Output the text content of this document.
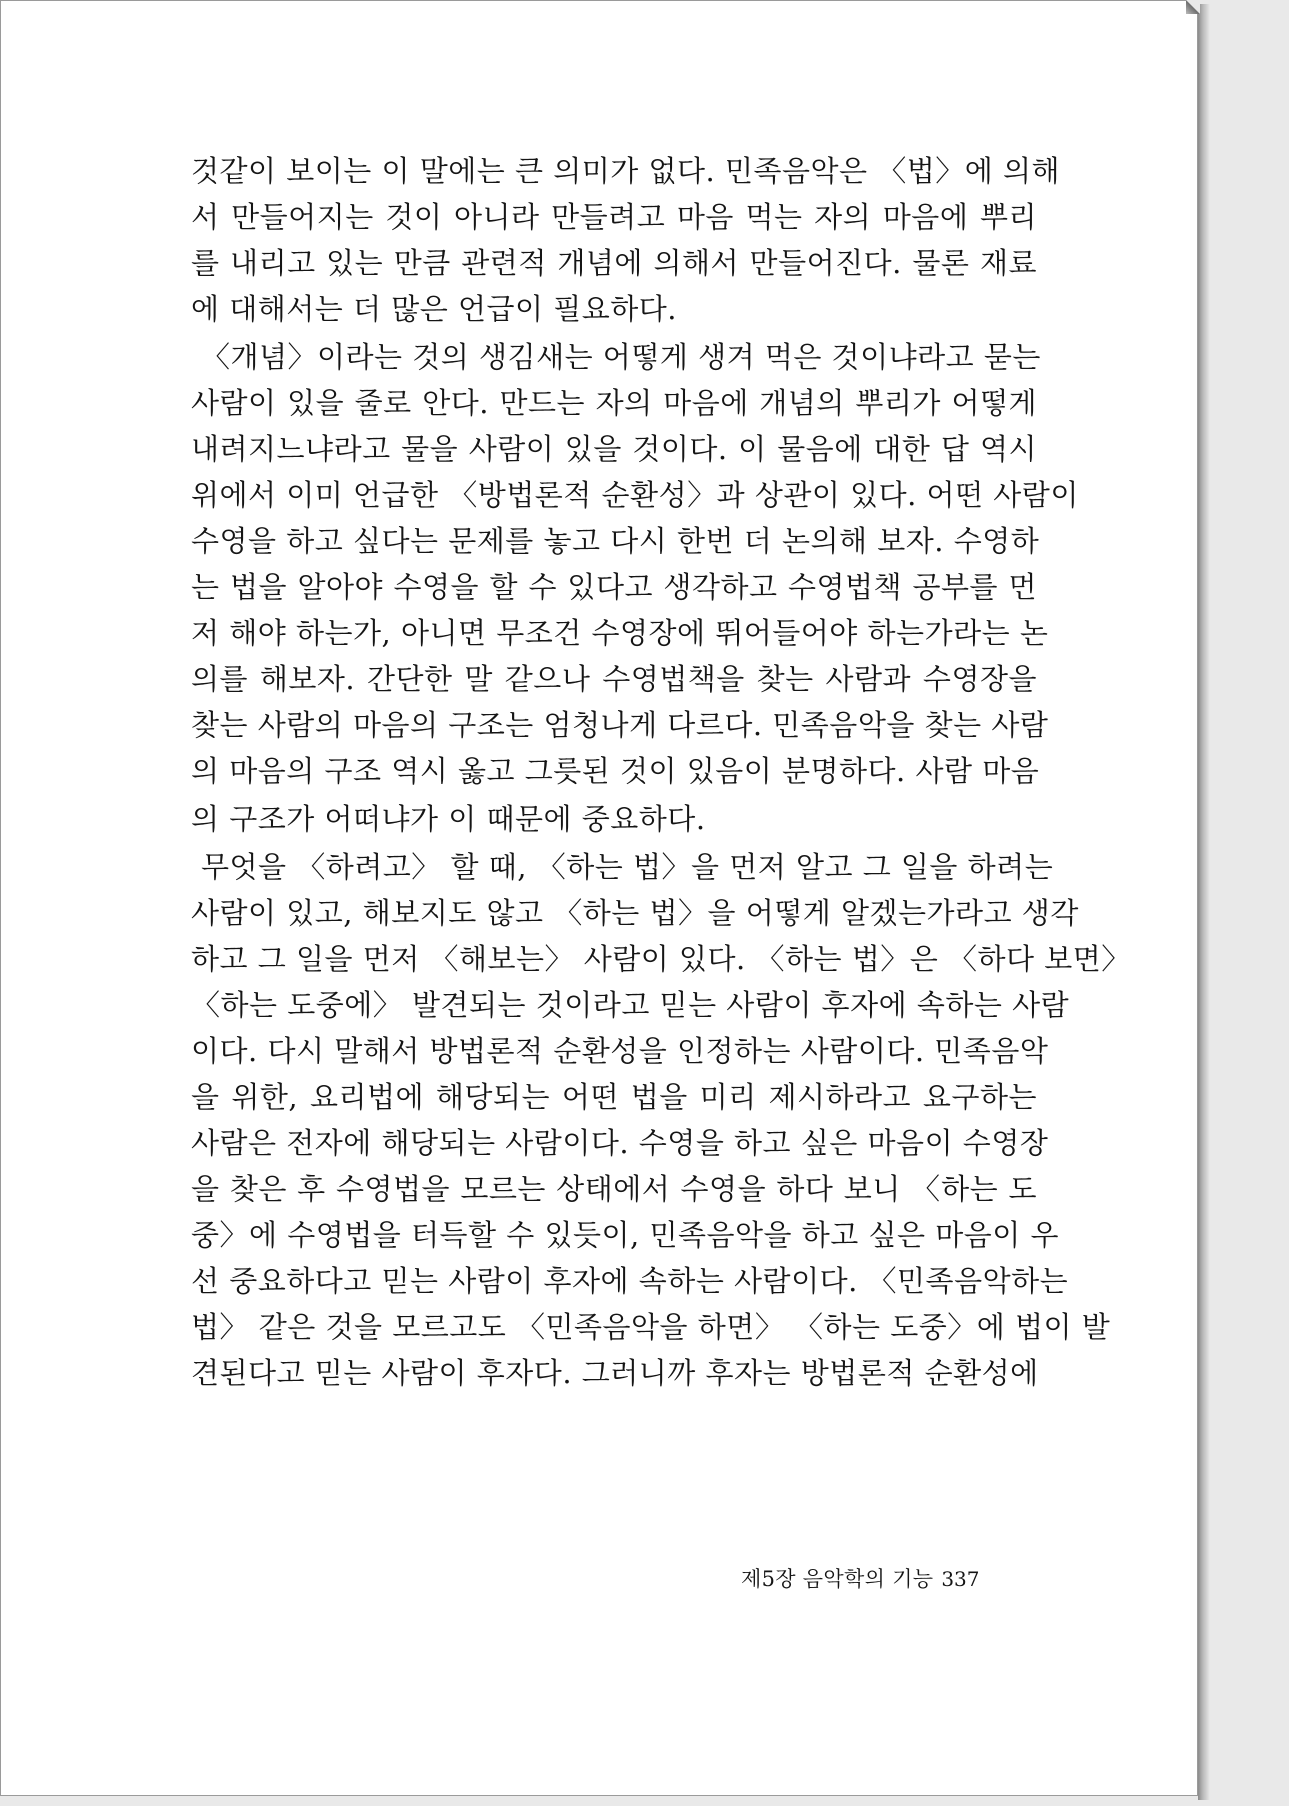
것같이 보이는 이 말에는 큰 의미가 없다. 민족음악은 〈법〉에 의해
서 만들어지는 것이 아니라 만들려고 마음 먹는 자의 마음에 뿌리
를 내리고 있는 만큼 관련적 개념에 의해서 만들어진다. 물론 재료
에 대해서는 더 많은 언급이 필요하다.
〈개념〉이라는 것의 생김새는 어떻게 생겨 먹은 것이냐라고 묻는
사람이 있을 줄로 안다. 만드는 자의 마음에 개념의 뿌리가 어떻게
내려지느냐라고 물을 사람이 있을 것이다. 이 물음에 대한 답 역시
위에서 이미 언급한 〈방법론적 순환성〉과 상관이 있다. 어떤 사람이
수영을 하고 싶다는 문제를 놓고 다시 한번 더 논의해 보자. 수영하
는 법을 알아야 수영을 할 수 있다고 생각하고 수영법책 공부를 먼
저 해야 하는가, 아니면 무조건 수영장에 뛰어들어야 하는가라는 논
의를 해보자. 간단한 말 같으나 수영법책을 찾는 사람과 수영장을
찾는 사람의 마음의 구조는 엄청나게 다르다. 민족음악을 찾는 사람
의 마음의 구조 역시 옳고 그릇된 것이 있음이 분명하다. 사람 마음
의 구조가 어떠냐가 이 때문에 중요하다.
무엇을 〈하려고〉 할 때, 〈하는 법〉을 먼저 알고 그 일을 하려는
사람이 있고, 해보지도 않고 〈하는 법〉을 어떻게 알겠는가라고 생각
하고 그 일을 먼저 〈해보는〉 사람이 있다. 〈하는 법〉은 〈하다 보면〉
〈하는 도중에〉 발견되는 것이라고 믿는 사람이 후자에 속하는 사람
이다. 다시 말해서 방법론적 순환성을 인정하는 사람이다. 민족음악
을 위한, 요리법에 해당되는 어떤 법을 미리 제시하라고 요구하는
사람은 전자에 해당되는 사람이다. 수영을 하고 싶은 마음이 수영장
을 찾은 후 수영법을 모르는 상태에서 수영을 하다 보니 〈하는 도
중〉에 수영법을 터득할 수 있듯이, 민족음악을 하고 싶은 마음이 우
선 중요하다고 믿는 사람이 후자에 속하는 사람이다. 〈민족음악하는
법〉 같은 것을 모르고도 〈민족음악을 하면〉 〈하는 도중〉에 법이 발
견된다고 믿는 사람이 후자다. 그러니까 후자는 방법론적 순환성에
제5장 음악학의 기능 337
